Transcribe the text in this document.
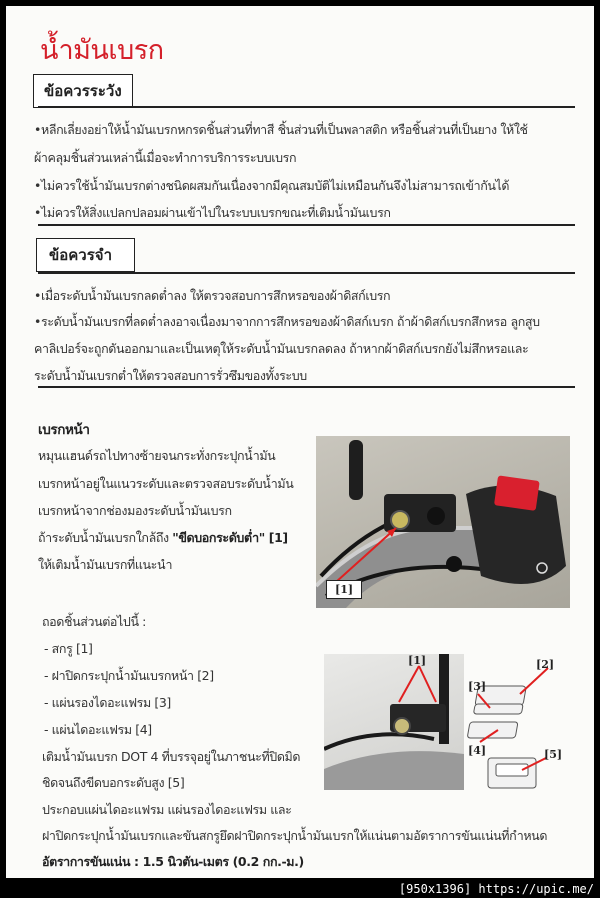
น้ำมันเบรก
ข้อควรระวัง
•หลีกเลี่ยงอย่าให้น้ำมันเบรกหกรดชิ้นส่วนที่ทาสี ชิ้นส่วนที่เป็นพลาสติก หรือชิ้นส่วนที่เป็นยาง ให้ใช้
ผ้าคลุมชิ้นส่วนเหล่านี้เมื่อจะทำการบริการระบบเบรก
•ไม่ควรใช้น้ำมันเบรกต่างชนิดผสมกันเนื่องจากมีคุณสมบัติไม่เหมือนกันจึงไม่สามารถเข้ากันได้
•ไม่ควรให้สิ่งแปลกปลอมผ่านเข้าไปในระบบเบรกขณะที่เติมน้ำมันเบรก
ข้อควรจำ
•เมื่อระดับน้ำมันเบรกลดต่ำลง ให้ตรวจสอบการสึกหรอของผ้าดิสก์เบรก
•ระดับน้ำมันเบรกที่ลดต่ำลงอาจเนื่องมาจากการสึกหรอของผ้าดิสก์เบรก ถ้าผ้าดิสก์เบรกสึกหรอ ลูกสูบ
คาลิเปอร์จะถูกดันออกมาและเป็นเหตุให้ระดับน้ำมันเบรกลดลง ถ้าหากผ้าดิสก์เบรกยังไม่สึกหรอและ
ระดับน้ำมันเบรกต่ำให้ตรวจสอบการรั่วซึมของทั้งระบบ
เบรกหน้า
หมุนแฮนด์รถไปทางซ้ายจนกระทั่งกระปุกน้ำมัน
เบรกหน้าอยู่ในแนวระดับและตรวจสอบระดับน้ำมัน
เบรกหน้าจากช่องมองระดับน้ำมันเบรก
ถ้าระดับน้ำมันเบรกใกล้ถึง "ขีดบอกระดับต่ำ" [1]
ให้เติมน้ำมันเบรกที่แนะนำ
[1]
ถอดชิ้นส่วนต่อไปนี้ :
- สกรู [1]
- ฝาปิดกระปุกน้ำมันเบรกหน้า [2]
- แผ่นรองไดอะแฟรม [3]
- แผ่นไดอะแฟรม [4]
เติมน้ำมันเบรก DOT 4 ที่บรรจุอยู่ในภาชนะที่ปิดมิด
ชิดจนถึงขีดบอกระดับสูง [5]
[1]	[2]
[3]
[4]	[5]
ประกอบแผ่นไดอะแฟรม แผ่นรองไดอะแฟรม และ
ฝาปิดกระปุกน้ำมันเบรกและขันสกรูยึดฝาปิดกระปุกน้ำมันเบรกให้แน่นตามอัตราการขันแน่นที่กำหนด
อัตราการขันแน่น : 1.5 นิวตัน-เมตร (0.2 กก.-ม.)
[950x1396] https://upic.me/
